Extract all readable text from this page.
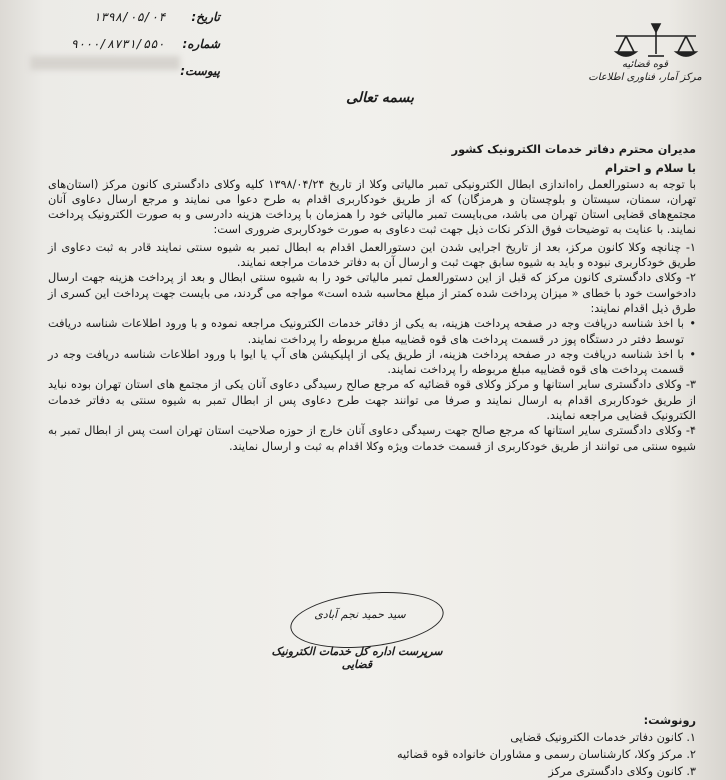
تاریخ: ۱۳۹۸/۰۵/۰۴
شماره: ۹۰۰۰/۸۷۳۱/۵۵۰
پیوست:	قوه قضائیه
مرکز آمار، فناوری اطلاعات
بسمه تعالی

مدیران محترم دفاتر خدمات الکترونیک کشور

با سلام و احترام

با توجه به دستورالعمل راه‌اندازی ابطال الکترونیکی تمبر مالیاتی وکلا از تاریخ ۱۳۹۸/۰۴/۲۴ کلیه وکلای دادگستری کانون مرکز (استان‌های تهران، سمنان، سیستان و بلوچستان و هرمزگان) که از طریق خودکاربری اقدام به طرح دعوا می نمایند و مرجع ارسال دعاوی آنان مجتمع‌های قضایی استان تهران می باشد، می‌بایست تمبر مالیاتی خود را همزمان با پرداخت هزینه دادرسی و به صورت الکترونیک پرداخت نمایند. با عنایت به توضیحات فوق الذکر نکات ذیل جهت ثبت دعاوی به صورت خودکاربری ضروری است:

۱- چنانچه وکلا کانون مرکز، بعد از تاریخ اجرایی شدن این دستورالعمل اقدام به ابطال تمبر به شیوه سنتی نمایند قادر به ثبت دعاوی از طریق خودکاربری نبوده و باید به شیوه سابق جهت ثبت و ارسال آن به دفاتر خدمات مراجعه نمایند.

۲- وکلای دادگستری کانون مرکز که قبل از این دستورالعمل تمبر مالیاتی خود را به شیوه سنتی ابطال و بعد از پرداخت هزینه جهت ارسال دادخواست خود با خطای « میزان پرداخت شده کمتر از مبلغ محاسبه شده است» مواجه می گردند، می بایست جهت پرداخت این کسری از طرق ذیل اقدام نمایند:

• با اخذ شناسه دریافت وجه در صفحه پرداخت هزینه، به یکی از دفاتر خدمات الکترونیک مراجعه نموده و با ورود اطلاعات شناسه دریافت توسط دفتر در دستگاه پوز در قسمت پرداخت های قوه قضاییه مبلغ مربوطه را پرداخت نمایند.

• با اخذ شناسه دریافت وجه در صفحه پرداخت هزینه، از طریق یکی از اپلیکیشن های آپ یا ایوا با ورود اطلاعات شناسه دریافت وجه در قسمت پرداخت های قوه قضاییه مبلغ مربوطه را پرداخت نمایند.

۳- وکلای دادگستری سایر استانها و مرکز وکلای قوه قضائیه که مرجع صالح رسیدگی دعاوی آنان یکی از مجتمع های استان تهران بوده نباید از طریق خودکاربری اقدام به ارسال نمایند و صرفا می توانند جهت طرح دعاوی پس از ابطال تمبر به شیوه سنتی به دفاتر خدمات الکترونیک قضایی مراجعه نمایند.

۴- وکلای دادگستری سایر استانها که مرجع صالح جهت رسیدگی دعاوی آنان خارج از حوزه صلاحیت استان تهران است پس از ابطال تمبر به شیوه سنتی می توانند از طریق خودکاربری از قسمت خدمات ویژه وکلا اقدام به ثبت و ارسال نمایند.

سید حمید نجم آبادی
سرپرست اداره کل خدمات الکترونیک قضایی
رونوشت:
۱. کانون دفاتر خدمات الکترونیک قضایی
۲. مرکز وکلا، کارشناسان رسمی و مشاوران خانواده قوه قضائیه
۳. کانون وکلای دادگستری مرکز
